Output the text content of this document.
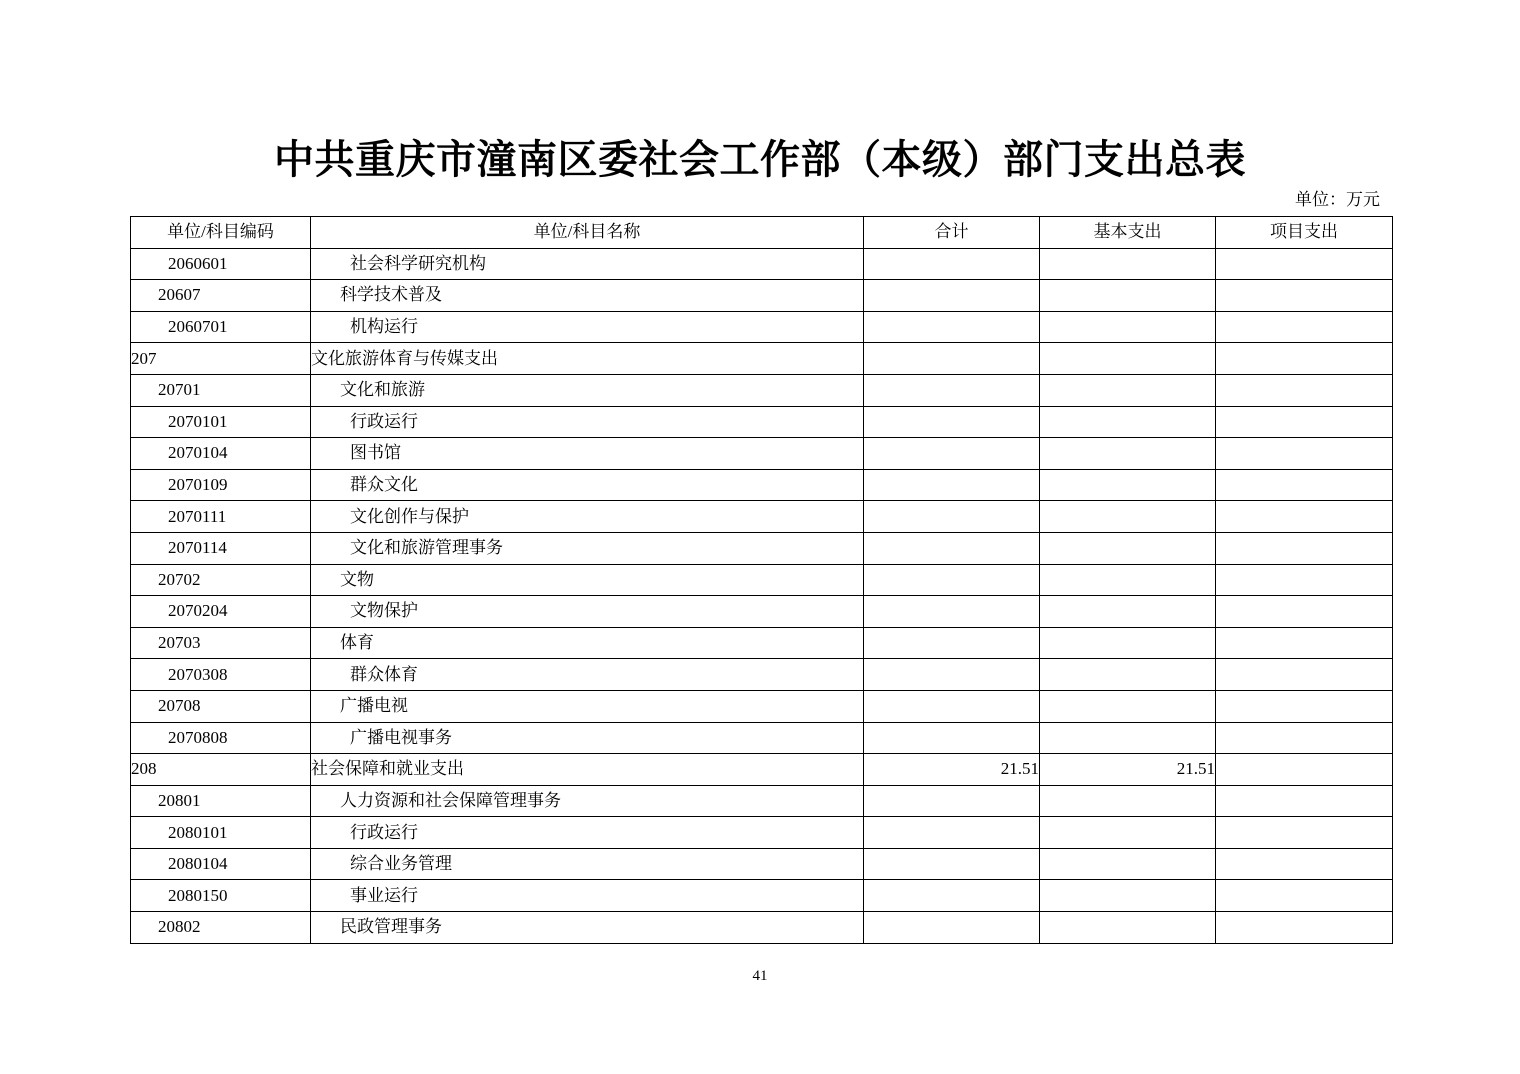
中共重庆市潼南区委社会工作部（本级）部门支出总表
单位：万元
单位/科目编码	单位/科目名称	合计	基本支出	项目支出
2060601	社会科学研究机构			
20607	科学技术普及			
2060701	机构运行			
207	文化旅游体育与传媒支出			
20701	文化和旅游			
2070101	行政运行			
2070104	图书馆			
2070109	群众文化			
2070111	文化创作与保护			
2070114	文化和旅游管理事务			
20702	文物			
2070204	文物保护			
20703	体育			
2070308	群众体育			
20708	广播电视			
2070808	广播电视事务			
208	社会保障和就业支出	21.51	21.51	
20801	人力资源和社会保障管理事务			
2080101	行政运行			
2080104	综合业务管理			
2080150	事业运行			
20802	民政管理事务			
41
